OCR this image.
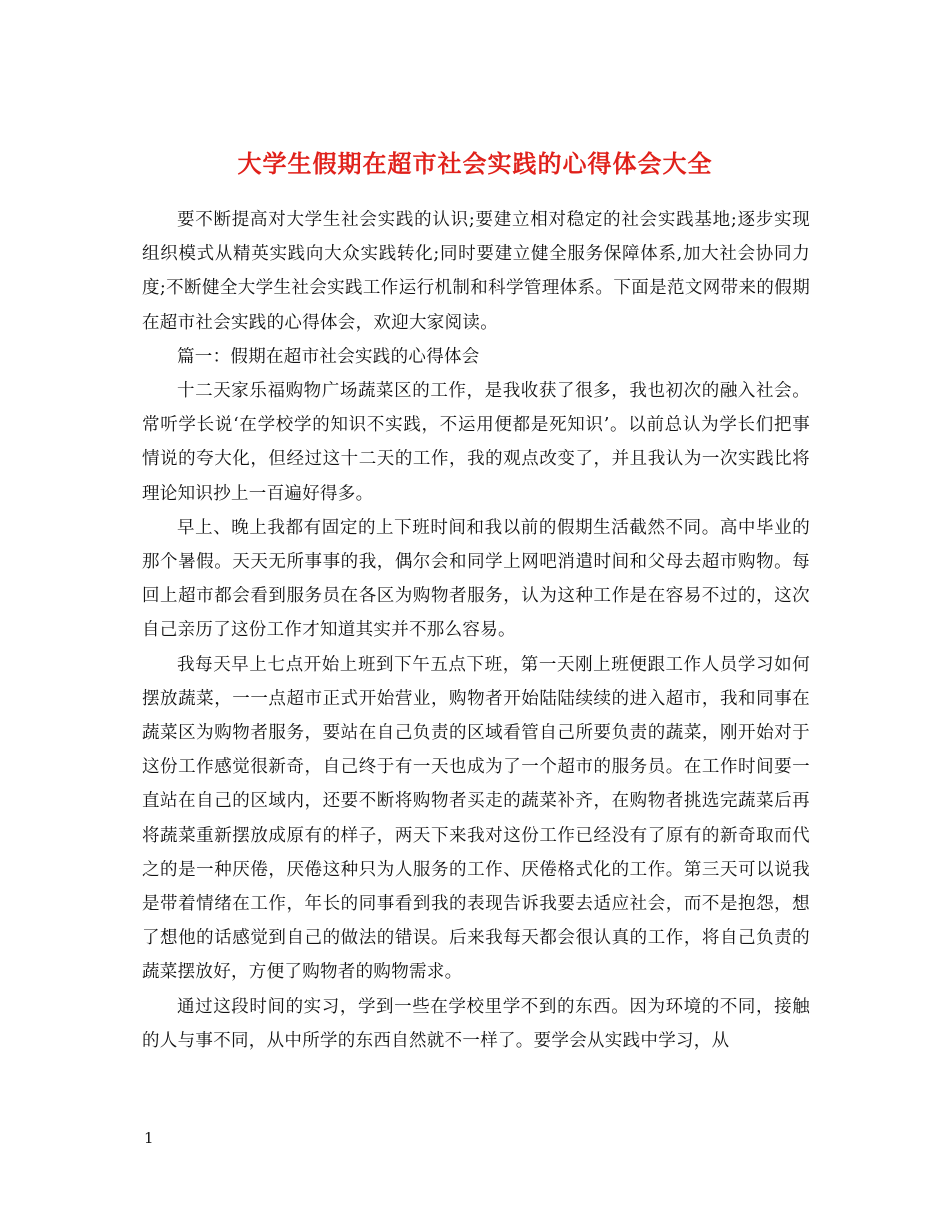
大学生假期在超市社会实践的心得体会大全

要不断提高对大学生社会实践的认识;要建立相对稳定的社会实践基地;逐步实现组织模式从精英实践向大众实践转化;同时要建立健全服务保障体系,加大社会协同力度;不断健全大学生社会实践工作运行机制和科学管理体系。下面是范文网带来的假期在超市社会实践的心得体会，欢迎大家阅读。

篇一：假期在超市社会实践的心得体会

十二天家乐福购物广场蔬菜区的工作，是我收获了很多，我也初次的融入社会。常听学长说‘在学校学的知识不实践，不运用便都是死知识’。以前总认为学长们把事情说的夸大化，但经过这十二天的工作，我的观点改变了，并且我认为一次实践比将理论知识抄上一百遍好得多。

早上、晚上我都有固定的上下班时间和我以前的假期生活截然不同。高中毕业的那个暑假。天天无所事事的我，偶尔会和同学上网吧消遣时间和父母去超市购物。每回上超市都会看到服务员在各区为购物者服务，认为这种工作是在容易不过的，这次自己亲历了这份工作才知道其实并不那么容易。

我每天早上七点开始上班到下午五点下班，第一天刚上班便跟工作人员学习如何摆放蔬菜，一一点超市正式开始营业，购物者开始陆陆续续的进入超市，我和同事在蔬菜区为购物者服务，要站在自己负责的区域看管自己所要负责的蔬菜，刚开始对于这份工作感觉很新奇，自己终于有一天也成为了一个超市的服务员。在工作时间要一直站在自己的区域内，还要不断将购物者买走的蔬菜补齐，在购物者挑选完蔬菜后再将蔬菜重新摆放成原有的样子，两天下来我对这份工作已经没有了原有的新奇取而代之的是一种厌倦，厌倦这种只为人服务的工作、厌倦格式化的工作。第三天可以说我是带着情绪在工作，年长的同事看到我的表现告诉我要去适应社会，而不是抱怨，想了想他的话感觉到自己的做法的错误。后来我每天都会很认真的工作，将自己负责的蔬菜摆放好，方便了购物者的购物需求。

通过这段时间的实习，学到一些在学校里学不到的东西。因为环境的不同，接触的人与事不同，从中所学的东西自然就不一样了。要学会从实践中学习，从

1
